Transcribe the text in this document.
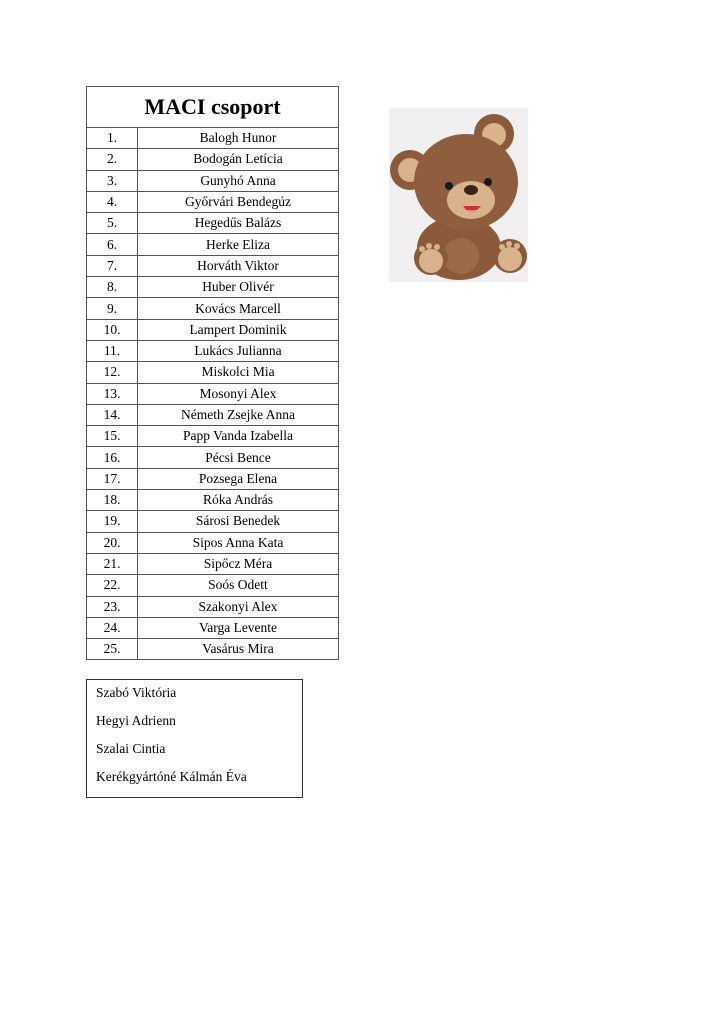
MACI csoport	
1.	Balogh Hunor
2.	Bodogán Letícia
3.	Gunyhó Anna
4.	Győrvári Bendegúz
5.	Hegedűs Balázs
6.	Herke Eliza
7.	Horváth Viktor
8.	Huber Olivér
9.	Kovács Marcell
10.	Lampert Dominik
11.	Lukács Julianna
12.	Miskolci Mia
13.	Mosonyi Alex
14.	Németh Zsejke Anna
15.	Papp Vanda Izabella
16.	Pécsi Bence
17.	Pozsega Elena
18.	Róka András
19.	Sárosi Benedek
20.	Sipos Anna Kata
21.	Sipőcz Méra
22.	Soós Odett
23.	Szakonyi Alex
24.	Varga Levente
25.	Vasárus Mira
Szabó Viktória
Hegyi Adrienn
Szalai Cintia
Kerékgyártóné Kálmán Éva
